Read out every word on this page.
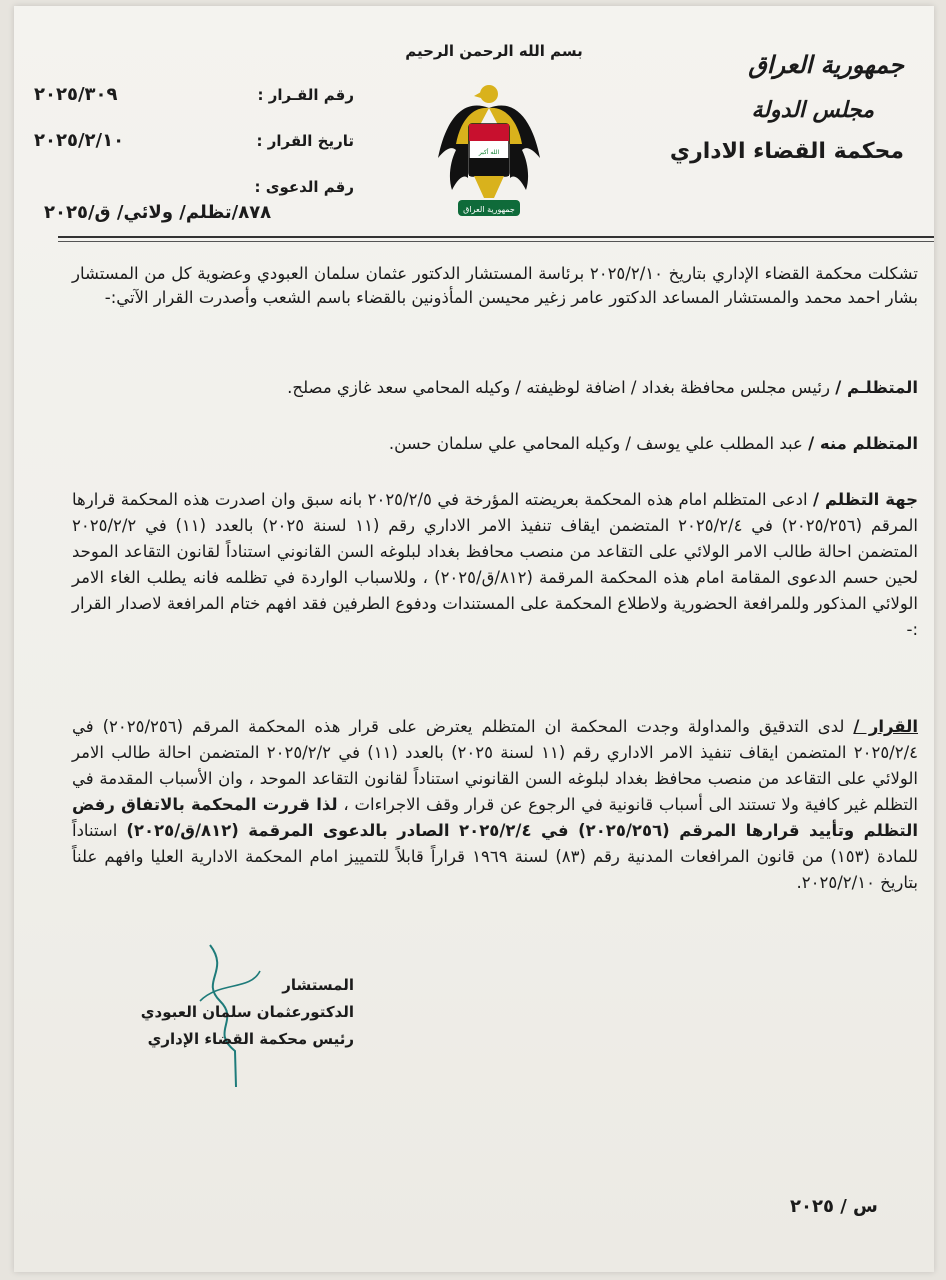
بسم الله الرحمن الرحيم
رقم القـرار :
٢٠٢٥/٣٠٩
تاريخ القرار :
٢٠٢٥/٢/١٠
رقم الدعوى :
٨٧٨/تظلم/ ولائي/ ق/٢٠٢٥
الله أكبر
جمهورية العراق
جمهورية العراق
مجلس الدولة
محكمة القضاء الاداري
تشكلت محكمة القضاء الإداري بتاريخ ٢٠٢٥/٢/١٠ برئاسة المستشار الدكتور عثمان سلمان العبودي وعضوية كل من المستشار بشار احمد محمد والمستشار المساعد الدكتور عامر زغير محيسن المأذونين بالقضاء باسم الشعب وأصدرت القرار الآتي:-
المتظلـم / رئيس مجلس محافظة بغداد / اضافة لوظيفته / وكيله المحامي سعد غازي مصلح.
المتظلم منه / عبد المطلب علي يوسف / وكيله المحامي علي سلمان حسن.
جهة التظلم / ادعى المتظلم امام هذه المحكمة بعريضته المؤرخة في ٢٠٢٥/٢/٥ بانه سبق وان اصدرت هذه المحكمة قرارها المرقم (٢٠٢٥/٢٥٦) في ٢٠٢٥/٢/٤ المتضمن ايقاف تنفيذ الامر الاداري رقم (١١ لسنة ٢٠٢٥) بالعدد (١١) في ٢٠٢٥/٢/٢ المتضمن احالة طالب الامر الولائي على التقاعد من منصب محافظ بغداد لبلوغه السن القانوني استناداً لقانون التقاعد الموحد لحين حسم الدعوى المقامة امام هذه المحكمة المرقمة (٨١٢/ق/٢٠٢٥) ، وللاسباب الواردة في تظلمه فانه يطلب الغاء الامر الولائي المذكور وللمرافعة الحضورية ولاطلاع المحكمة على المستندات ودفوع الطرفين فقد افهم ختام المرافعة لاصدار القرار :-
القرار / لدى التدقيق والمداولة وجدت المحكمة ان المتظلم يعترض على قرار هذه المحكمة المرقم (٢٠٢٥/٢٥٦) في ٢٠٢٥/٢/٤ المتضمن ايقاف تنفيذ الامر الاداري رقم (١١ لسنة ٢٠٢٥) بالعدد (١١) في ٢٠٢٥/٢/٢ المتضمن احالة طالب الامر الولائي على التقاعد من منصب محافظ بغداد لبلوغه السن القانوني استناداً لقانون التقاعد الموحد ، وان الأسباب المقدمة في التظلم غير كافية ولا تستند الى أسباب قانونية في الرجوع عن قرار وقف الاجراءات ، لذا قررت المحكمة بالاتفاق رفض التظلم وتأييد قرارها المرقم (٢٠٢٥/٢٥٦) في ٢٠٢٥/٢/٤ الصادر بالدعوى المرقمة (٨١٢/ق/٢٠٢٥) استناداً للمادة (١٥٣) من قانون المرافعات المدنية رقم (٨٣) لسنة ١٩٦٩ قراراً قابلاً للتمييز امام المحكمة الادارية العليا وافهم علناً بتاريخ ٢٠٢٥/٢/١٠.
المستشار
الدكتورعثمان سلمان العبودي
رئيس محكمة القضاء الإداري
س / ٢٠٢٥
